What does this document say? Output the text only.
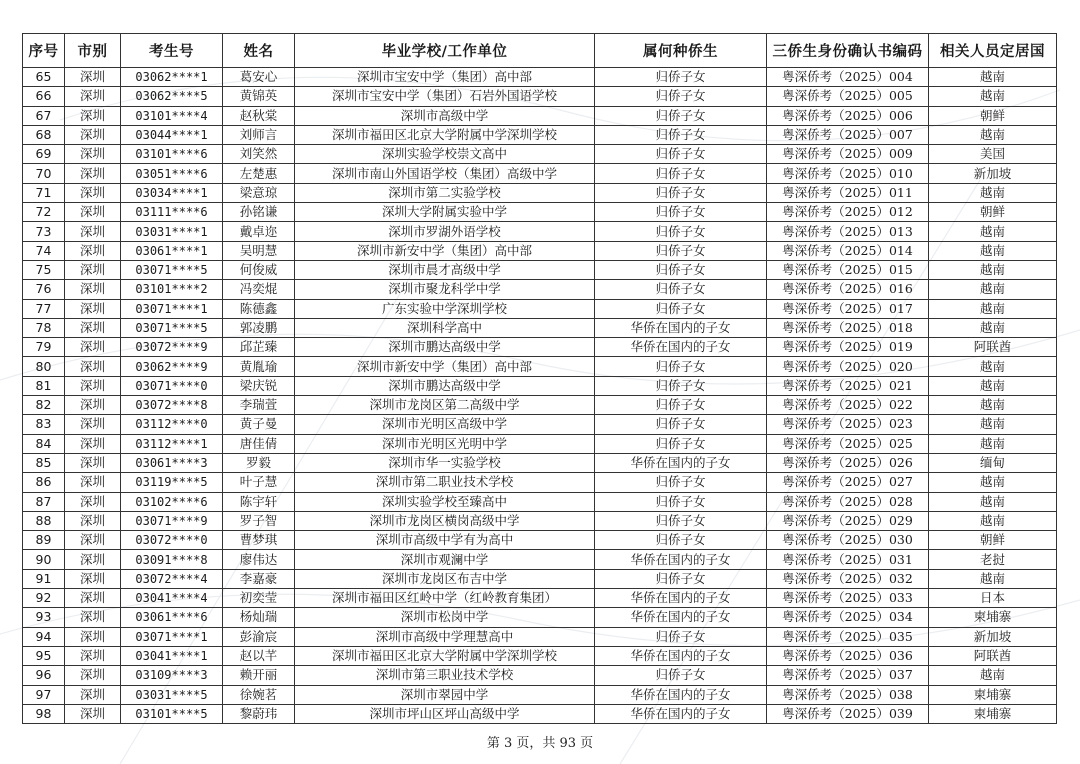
序号	市别	考生号	姓名	毕业学校/工作单位	属何种侨生	三侨生身份确认书编码	相关人员定居国
65	深圳	03062****1	葛安心	深圳市宝安中学（集团）高中部	归侨子女	粤深侨考（2025）004	越南
66	深圳	03062****5	黄锦英	深圳市宝安中学（集团）石岩外国语学校	归侨子女	粤深侨考（2025）005	越南
67	深圳	03101****4	赵秋棠	深圳市高级中学	归侨子女	粤深侨考（2025）006	朝鲜
68	深圳	03044****1	刘师言	深圳市福田区北京大学附属中学深圳学校	归侨子女	粤深侨考（2025）007	越南
69	深圳	03101****6	刘笑然	深圳实验学校崇文高中	归侨子女	粤深侨考（2025）009	美国
70	深圳	03051****6	左楚惠	深圳市南山外国语学校（集团）高级中学	归侨子女	粤深侨考（2025）010	新加坡
71	深圳	03034****1	梁意琼	深圳市第二实验学校	归侨子女	粤深侨考（2025）011	越南
72	深圳	03111****6	孙铭谦	深圳大学附属实验中学	归侨子女	粤深侨考（2025）012	朝鲜
73	深圳	03031****1	戴卓迩	深圳市罗湖外语学校	归侨子女	粤深侨考（2025）013	越南
74	深圳	03061****1	吴明慧	深圳市新安中学（集团）高中部	归侨子女	粤深侨考（2025）014	越南
75	深圳	03071****5	何俊威	深圳市晨才高级中学	归侨子女	粤深侨考（2025）015	越南
76	深圳	03101****2	冯奕焜	深圳市聚龙科学中学	归侨子女	粤深侨考（2025）016	越南
77	深圳	03071****1	陈德鑫	广东实验中学深圳学校	归侨子女	粤深侨考（2025）017	越南
78	深圳	03071****5	郭凌鹏	深圳科学高中	华侨在国内的子女	粤深侨考（2025）018	越南
79	深圳	03072****9	邱芷臻	深圳市鹏达高级中学	华侨在国内的子女	粤深侨考（2025）019	阿联酋
80	深圳	03062****9	黄胤瑜	深圳市新安中学（集团）高中部	归侨子女	粤深侨考（2025）020	越南
81	深圳	03071****0	梁庆锐	深圳市鹏达高级中学	归侨子女	粤深侨考（2025）021	越南
82	深圳	03072****8	李瑞萱	深圳市龙岗区第二高级中学	归侨子女	粤深侨考（2025）022	越南
83	深圳	03112****0	黄子曼	深圳市光明区高级中学	归侨子女	粤深侨考（2025）023	越南
84	深圳	03112****1	唐佳倩	深圳市光明区光明中学	归侨子女	粤深侨考（2025）025	越南
85	深圳	03061****3	罗毅	深圳市华一实验学校	华侨在国内的子女	粤深侨考（2025）026	缅甸
86	深圳	03119****5	叶子慧	深圳市第二职业技术学校	归侨子女	粤深侨考（2025）027	越南
87	深圳	03102****6	陈宇轩	深圳实验学校至臻高中	归侨子女	粤深侨考（2025）028	越南
88	深圳	03071****9	罗子智	深圳市龙岗区横岗高级中学	归侨子女	粤深侨考（2025）029	越南
89	深圳	03072****0	曹梦琪	深圳市高级中学有为高中	归侨子女	粤深侨考（2025）030	朝鲜
90	深圳	03091****8	廖伟达	深圳市观澜中学	华侨在国内的子女	粤深侨考（2025）031	老挝
91	深圳	03072****4	李嘉豪	深圳市龙岗区布吉中学	归侨子女	粤深侨考（2025）032	越南
92	深圳	03041****4	初奕莹	深圳市福田区红岭中学（红岭教育集团）	华侨在国内的子女	粤深侨考（2025）033	日本
93	深圳	03061****6	杨灿瑞	深圳市松岗中学	华侨在国内的子女	粤深侨考（2025）034	柬埔寨
94	深圳	03071****1	彭渝宸	深圳市高级中学理慧高中	归侨子女	粤深侨考（2025）035	新加坡
95	深圳	03041****1	赵以芊	深圳市福田区北京大学附属中学深圳学校	华侨在国内的子女	粤深侨考（2025）036	阿联酋
96	深圳	03109****3	赖开丽	深圳市第三职业技术学校	归侨子女	粤深侨考（2025）037	越南
97	深圳	03031****5	徐婉茗	深圳市翠园中学	华侨在国内的子女	粤深侨考（2025）038	柬埔寨
98	深圳	03101****5	黎蔚玮	深圳市坪山区坪山高级中学	华侨在国内的子女	粤深侨考（2025）039	柬埔寨
第 3 页，共 93 页
